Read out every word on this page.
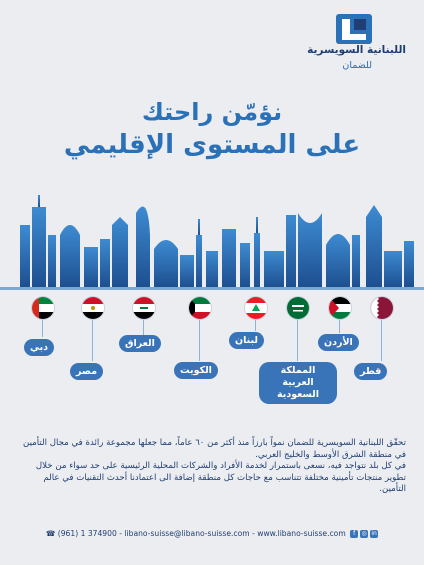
اللبنانية السويسرية
للضمان
نؤمّن راحتك
على المستوى الإقليمي
دبي
مصر
العراق
الكويت
لبنان
المملكة العربية السعودية
الأردن
قطر

تحقّق اللبنانية السويسرية للضمان نمواً بارزاً منذ أكثر من ٦٠ عاماً، مما جعلها مجموعة رائدة في مجال التأمين في منطقة الشرق الأوسط والخليج العربي.

في كل بلد نتواجد فيه، نسعى باستمرار لخدمة الأفراد والشركات المحلية الرئيسية على حد سواء من خلال تطوير منتجات تأمينية مختلفة تتناسب مع حاجات كل منطقة إضافة الى اعتمادنا أحدث التقنيات في عالم التأمين.

☎ (961) 1 374900 - libano-suisse@libano-suisse.com - www.libano-suisse.com f ◎ in
